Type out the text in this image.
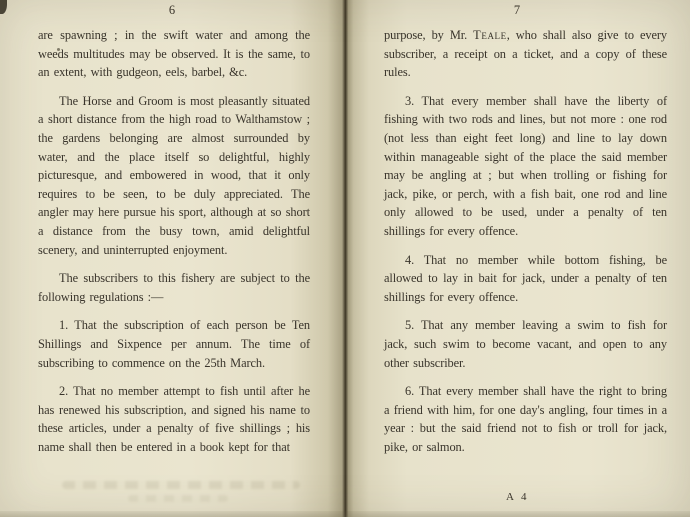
6	7

are spawning ; in the swift water and among the weeds multitudes may be observed. It is the same, to an extent, with gudgeon, eels, barbel, &c.

The Horse and Groom is most pleasantly situated a short distance from the high road to Walthamstow ; the gardens belonging are almost surrounded by water, and the place itself so delightful, highly picturesque, and embowered in wood, that it only requires to be seen, to be duly appreciated. The angler may here pursue his sport, although at so short a distance from the busy town, amid delightful scenery, and uninterrupted enjoyment.

The subscribers to this fishery are subject to the following regulations :—

1. That the subscription of each person be Ten Shillings and Sixpence per annum. The time of subscribing to commence on the 25th March.

2. That no member attempt to fish until after he has renewed his subscription, and signed his name to these articles, under a penalty of five shillings ; his name shall then be entered in a book kept for that

purpose, by Mr. Teale, who shall also give to every subscriber, a receipt on a ticket, and a copy of these rules.

3. That every member shall have the liberty of fishing with two rods and lines, but not more : one rod (not less than eight feet long) and line to lay down within manageable sight of the place the said member may be angling at ; but when trolling or fishing for jack, pike, or perch, with a fish bait, one rod and line only allowed to be used, under a penalty of ten shillings for every offence.

4. That no member while bottom fishing, be allowed to lay in bait for jack, under a penalty of ten shillings for every offence.

5. That any member leaving a swim to fish for jack, such swim to become vacant, and open to any other subscriber.

6. That every member shall have the right to bring a friend with him, for one day's angling, four times in a year : but the said friend not to fish or troll for jack, pike, or salmon.

A 4
